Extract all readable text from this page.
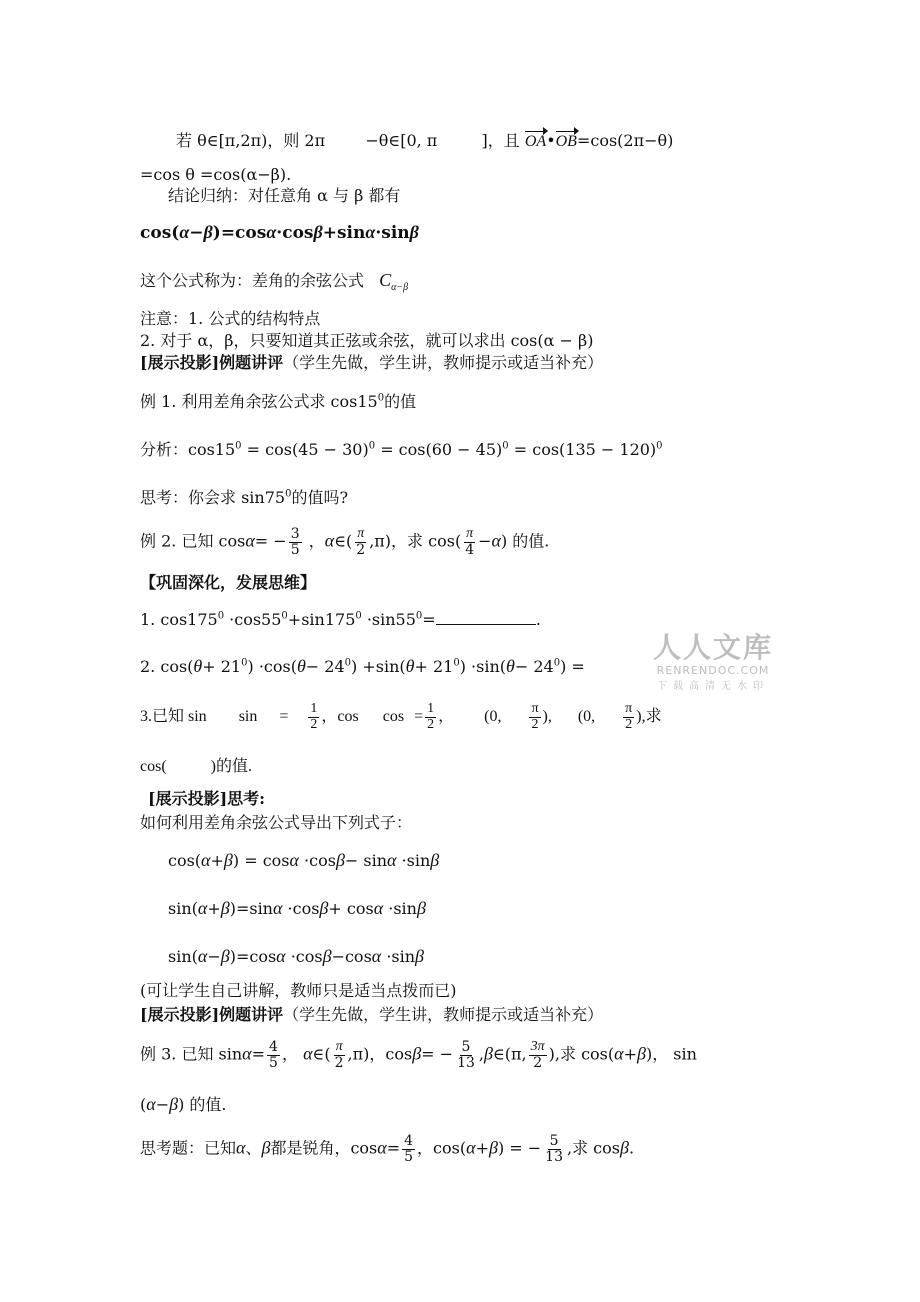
若 θ∈[π,2π)，则 2π	−θ∈[0, π	]，且 OA•OB=cos(2π−θ)
=cos θ =cos(α−β).
结论归纳：对任意角 α 与 β 都有
cos(α−β)=cosα·cosβ+sinα·sinβ
这个公式称为：差角的余弦公式 $C_{\alpha-\beta}$
注意：1. 公式的结构特点
2. 对于 α，β，只要知道其正弦或余弦，就可以求出 cos(α − β)
[展示投影]例题讲评（学生先做，学生讲，教师提示或适当补充）
例 1. 利用差角余弦公式求 $\cos 15^0$的值
分析：$\cos 15^0 = \cos(45 - 30)^0 = \cos(60 - 45)^0 = \cos(135 - 120)^0$
思考：你会求 $\sin 75^0$的值吗?
例 2. 已知 $\cos\alpha= - \frac{3}{5}$ ，α∈( $\frac{\pi}{2} ,\pi$)，求 $\cos( \frac{\pi}{4} -\alpha)$ 的值.
【巩固深化，发展思维】
1. $\cos 175^0 \cdot\cos 55^0+\sin 175^0 \cdot\sin 55^0=$	.
2. $\cos(\theta+ 21^0) \cdot\cos(\theta- 24^0) +\sin(\theta+ 21^0) \cdot\sin(\theta- 24^0)$ =
3.已知 $\sin \sin = \frac{1}{2}$ ，$\cos \cos = \frac{1}{2}$ ， (0, $\frac{\pi}{2}$ ), (0, $\frac{\pi}{2}$ ),求
cos(           )的值.
[展示投影]思考:
如何利用差角余弦公式导出下列式子：
cos(α+β) = cosα ·cosβ− sinα ·sinβ
sin(α+β)=sinα ·cosβ+ cosα ·sinβ
sin(α−β)=cosα ·cosβ−cosα ·sinβ
(可让学生自己讲解，教师只是适当点拨而已)
[展示投影]例题讲评（学生先做，学生讲，教师提示或适当补充）
例 3. 已知 $\sin\alpha= \frac{4}{5}$ ， α∈( $\frac{\pi}{2} ,\pi$)，$\cos\beta= - \frac{5}{13}$ ,β∈(π, $\frac{3\pi}{2}$ ),求 cos(α+β)， sin
(α−β) 的值.
思考题：已知α、β都是锐角，$\cos\alpha= \frac{4}{5}$ ，cos(α+β) = − $\frac{5}{13}$ ,求 cosβ.
人人文库
RENRENDOC.COM
下载高清无水印
